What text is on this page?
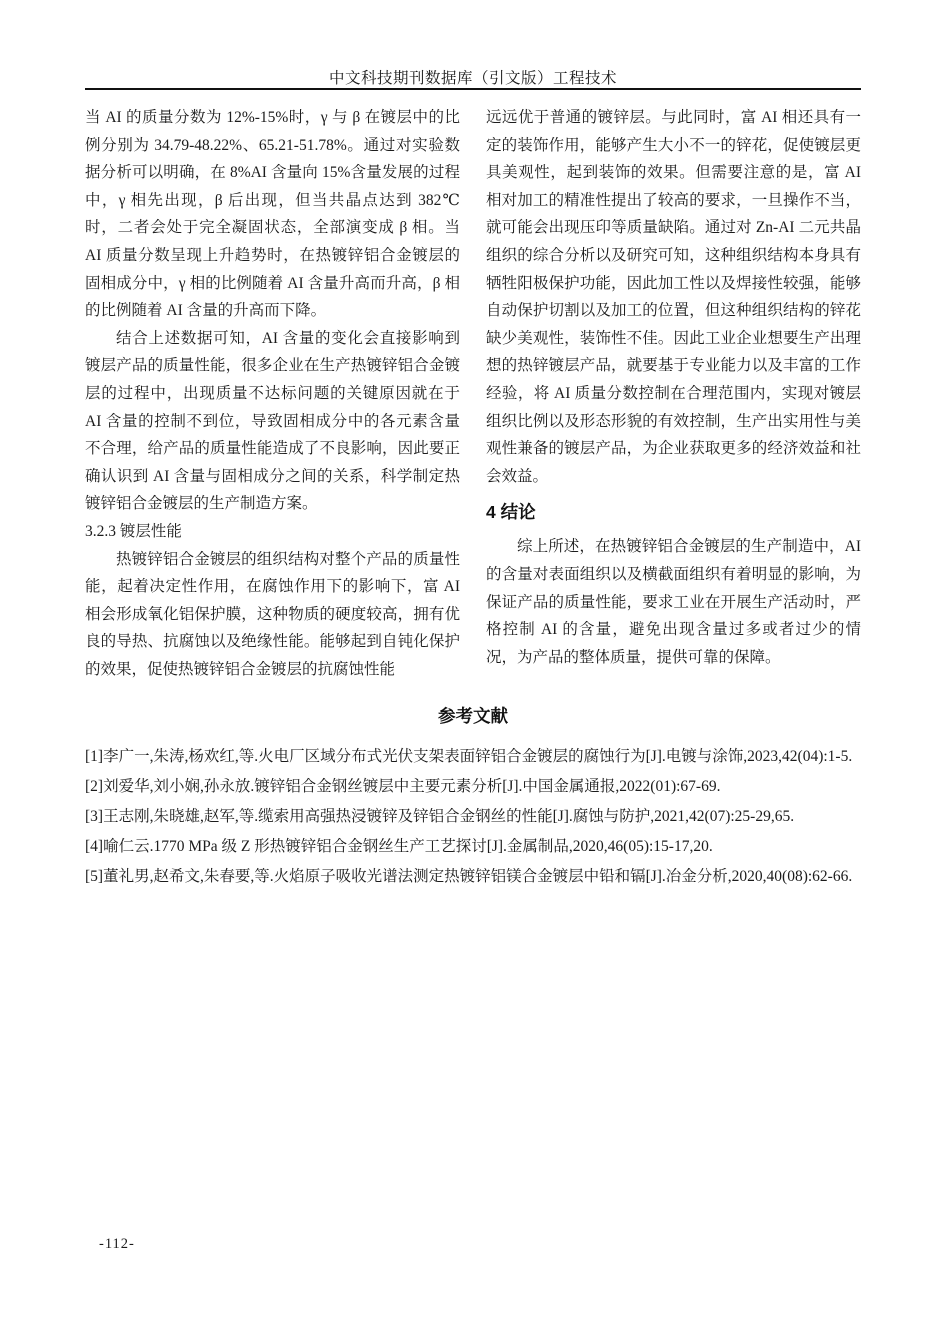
中文科技期刊数据库（引文版）工程技术

当 AI 的质量分数为 12%-15%时，γ 与 β 在镀层中的比例分别为 34.79-48.22%、65.21-51.78%。通过对实验数据分析可以明确，在 8%AI 含量向 15%含量发展的过程中，γ 相先出现，β 后出现，但当共晶点达到 382℃时，二者会处于完全凝固状态，全部演变成 β 相。当 AI 质量分数呈现上升趋势时，在热镀锌铝合金镀层的固相成分中，γ 相的比例随着 AI 含量升高而升高，β 相的比例随着 AI 含量的升高而下降。

结合上述数据可知，AI 含量的变化会直接影响到镀层产品的质量性能，很多企业在生产热镀锌铝合金镀层的过程中，出现质量不达标问题的关键原因就在于 AI 含量的控制不到位，导致固相成分中的各元素含量不合理，给产品的质量性能造成了不良影响，因此要正确认识到 AI 含量与固相成分之间的关系，科学制定热镀锌铝合金镀层的生产制造方案。

3.2.3 镀层性能

热镀锌铝合金镀层的组织结构对整个产品的质量性能，起着决定性作用，在腐蚀作用下的影响下，富 AI 相会形成氧化铝保护膜，这种物质的硬度较高，拥有优良的导热、抗腐蚀以及绝缘性能。能够起到自钝化保护的效果，促使热镀锌铝合金镀层的抗腐蚀性能

远远优于普通的镀锌层。与此同时，富 AI 相还具有一定的装饰作用，能够产生大小不一的锌花，促使镀层更具美观性，起到装饰的效果。但需要注意的是，富 AI 相对加工的精准性提出了较高的要求，一旦操作不当，就可能会出现压印等质量缺陷。通过对 Zn-AI 二元共晶组织的综合分析以及研究可知，这种组织结构本身具有牺牲阳极保护功能，因此加工性以及焊接性较强，能够自动保护切割以及加工的位置，但这种组织结构的锌花缺少美观性，装饰性不佳。因此工业企业想要生产出理想的热锌镀层产品，就要基于专业能力以及丰富的工作经验，将 AI 质量分数控制在合理范围内，实现对镀层组织比例以及形态形貌的有效控制，生产出实用性与美观性兼备的镀层产品，为企业获取更多的经济效益和社会效益。

4 结论

综上所述，在热镀锌铝合金镀层的生产制造中，AI 的含量对表面组织以及横截面组织有着明显的影响，为保证产品的质量性能，要求工业在开展生产活动时，严格控制 AI 的含量，避免出现含量过多或者过少的情况，为产品的整体质量，提供可靠的保障。

参考文献
[1]李广一,朱涛,杨欢红,等.火电厂区域分布式光伏支架表面锌铝合金镀层的腐蚀行为[J].电镀与涂饰,2023,42(04):1-5.
[2]刘爱华,刘小娴,孙永放.镀锌铝合金钢丝镀层中主要元素分析[J].中国金属通报,2022(01):67-69.
[3]王志刚,朱晓雄,赵军,等.缆索用高强热浸镀锌及锌铝合金钢丝的性能[J].腐蚀与防护,2021,42(07):25-29,65.
[4]喻仁云.1770 MPa 级 Z 形热镀锌铝合金钢丝生产工艺探讨[J].金属制品,2020,46(05):15-17,20.
[5]董礼男,赵希文,朱春要,等.火焰原子吸收光谱法测定热镀锌铝镁合金镀层中铅和镉[J].冶金分析,2020,40(08):62-66.
-112-
